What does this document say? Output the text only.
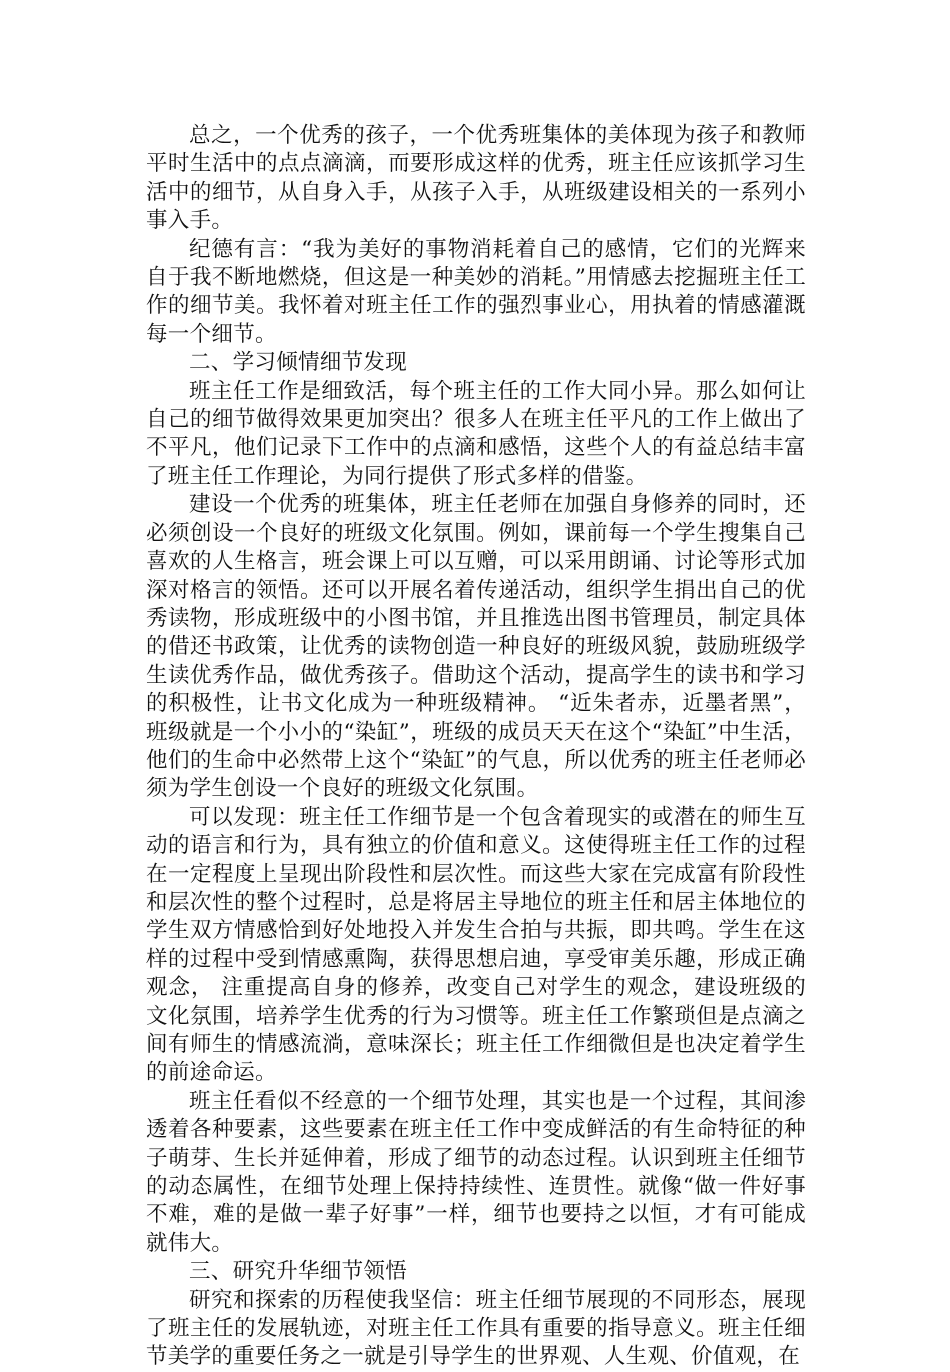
总之，一个优秀的孩子，一个优秀班集体的美体现为孩子和教师平时生活中的点点滴滴，而要形成这样的优秀，班主任应该抓学习生活中的细节，从自身入手，从孩子入手，从班级建设相关的一系列小事入手。

纪德有言：“我为美好的事物消耗着自己的感情，它们的光辉来自于我不断地燃烧，但这是一种美妙的消耗。”用情感去挖掘班主任工作的细节美。我怀着对班主任工作的强烈事业心，用执着的情感灌溉每一个细节。

二、学习倾情细节发现

班主任工作是细致活，每个班主任的工作大同小异。那么如何让自己的细节做得效果更加突出？很多人在班主任平凡的工作上做出了不平凡，他们记录下工作中的点滴和感悟，这些个人的有益总结丰富了班主任工作理论，为同行提供了形式多样的借鉴。

建设一个优秀的班集体，班主任老师在加强自身修养的同时，还必须创设一个良好的班级文化氛围。例如，课前每一个学生搜集自己喜欢的人生格言，班会课上可以互赠，可以采用朗诵、讨论等形式加深对格言的领悟。还可以开展名着传递活动，组织学生捐出自己的优秀读物，形成班级中的小图书馆，并且推选出图书管理员，制定具体的借还书政策，让优秀的读物创造一种良好的班级风貌，鼓励班级学生读优秀作品，做优秀孩子。借助这个活动，提高学生的读书和学习的积极性，让书文化成为一种班级精神。 “近朱者赤，近墨者黑”，班级就是一个小小的“染缸”，班级的成员天天在这个“染缸”中生活，他们的生命中必然带上这个“染缸”的气息，所以优秀的班主任老师必须为学生创设一个良好的班级文化氛围。

可以发现：班主任工作细节是一个包含着现实的或潜在的师生互动的语言和行为，具有独立的价值和意义。这使得班主任工作的过程在一定程度上呈现出阶段性和层次性。而这些大家在完成富有阶段性和层次性的整个过程时，总是将居主导地位的班主任和居主体地位的学生双方情感恰到好处地投入并发生合拍与共振，即共鸣。学生在这样的过程中受到情感熏陶，获得思想启迪，享受审美乐趣，形成正确观念， 注重提高自身的修养，改变自己对学生的观念，建设班级的文化氛围，培养学生优秀的行为习惯等。班主任工作繁琐但是点滴之间有师生的情感流淌，意味深长；班主任工作细微但是也决定着学生的前途命运。

班主任看似不经意的一个细节处理，其实也是一个过程，其间渗透着各种要素，这些要素在班主任工作中变成鲜活的有生命特征的种子萌芽、生长并延伸着，形成了细节的动态过程。认识到班主任细节的动态属性，在细节处理上保持持续性、连贯性。就像“做一件好事不难，难的是做一辈子好事”一样，细节也要持之以恒，才有可能成就伟大。

三、研究升华细节领悟

研究和探索的历程使我坚信：班主任细节展现的不同形态，展现了班主任的发展轨迹，对班主任工作具有重要的指导意义。班主任细节美学的重要任务之一就是引导学生的世界观、人生观、价值观，在
